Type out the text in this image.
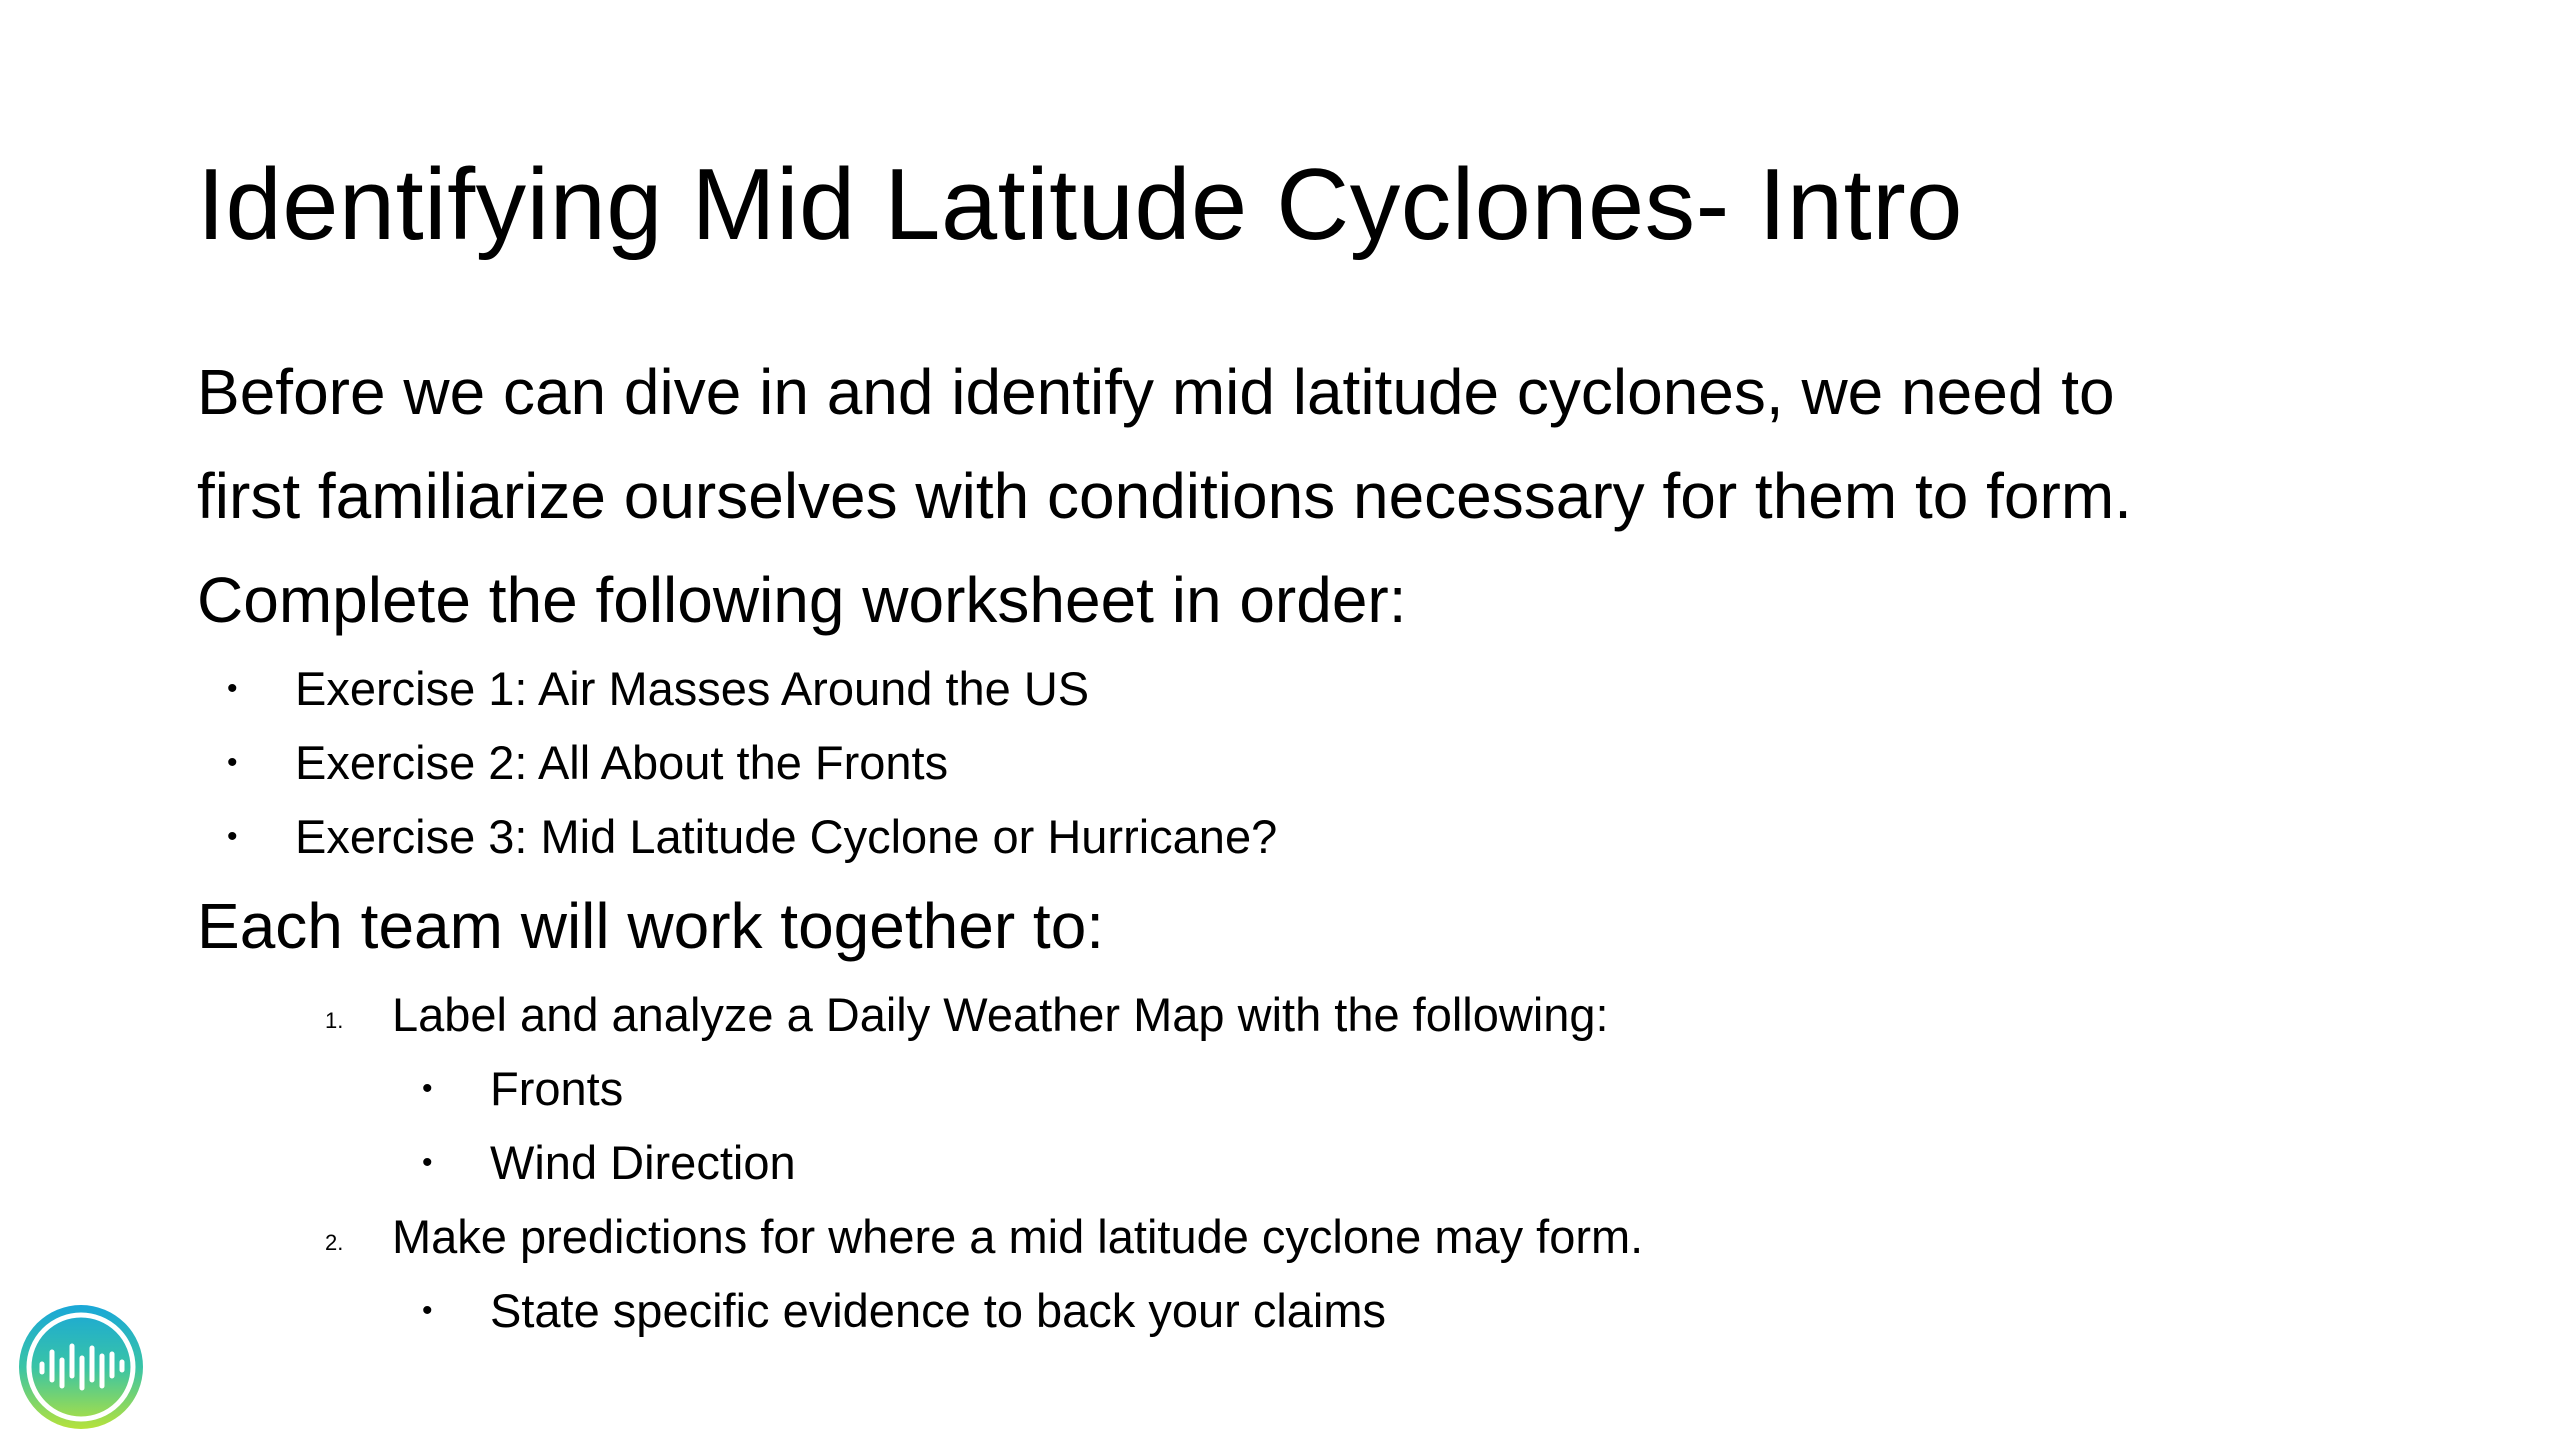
Identifying Mid Latitude Cyclones- Intro

Before we can dive in and identify mid latitude cyclones, we need to

first familiarize ourselves with conditions necessary for them to form.

Complete the following worksheet in order:

• Exercise 1: Air Masses Around the US
• Exercise 2: All About the Fronts
• Exercise 3: Mid Latitude Cyclone or Hurricane?

Each team will work together to:

1. Label and analyze a Daily Weather Map with the following:
• Fronts
• Wind Direction
2. Make predictions for where a mid latitude cyclone may form.
• State specific evidence to back your claims
